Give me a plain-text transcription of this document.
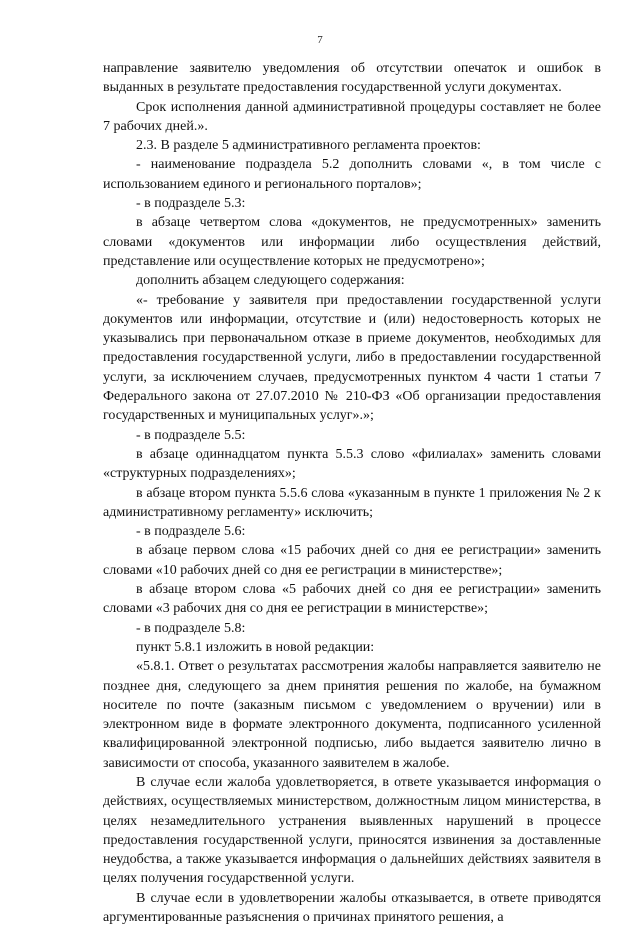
7

направление заявителю уведомления об отсутствии опечаток и ошибок в выданных в результате предоставления государственной услуги документах.

Срок исполнения данной административной процедуры составляет не более 7 рабочих дней.».

2.3. В разделе 5 административного регламента проектов:

- наименование подраздела 5.2 дополнить словами «, в том числе с использованием единого и регионального порталов»;

- в подразделе 5.3:

в абзаце четвертом слова «документов, не предусмотренных» заменить словами «документов или информации либо осуществления действий, представление или осуществление которых не предусмотрено»;

дополнить абзацем следующего содержания:

«- требование у заявителя при предоставлении государственной услуги документов или информации, отсутствие и (или) недостоверность которых не указывались при первоначальном отказе в приеме документов, необходимых для предоставления государственной услуги, либо в предоставлении государственной услуги, за исключением случаев, предусмотренных пунктом 4 части 1 статьи 7 Федерального закона от 27.07.2010 № 210-ФЗ «Об организации предоставления государственных и муниципальных услуг».»;

- в подразделе 5.5:

в абзаце одиннадцатом пункта 5.5.3 слово «филиалах» заменить словами «структурных подразделениях»;

в абзаце втором пункта 5.5.6 слова «указанным в пункте 1 приложения № 2 к административному регламенту» исключить;

- в подразделе 5.6:

в абзаце первом слова «15 рабочих дней со дня ее регистрации» заменить словами «10 рабочих дней со дня ее регистрации в министерстве»;

в абзаце втором слова «5 рабочих дней со дня ее регистрации» заменить словами «3 рабочих дня со дня ее регистрации в министерстве»;

- в подразделе 5.8:

пункт 5.8.1 изложить в новой редакции:

«5.8.1. Ответ о результатах рассмотрения жалобы направляется заявителю не позднее дня, следующего за днем принятия решения по жалобе, на бумажном носителе по почте (заказным письмом с уведомлением о вручении) или в электронном виде в формате электронного документа, подписанного усиленной квалифицированной электронной подписью, либо выдается заявителю лично в зависимости от способа, указанного заявителем в жалобе.

В случае если жалоба удовлетворяется, в ответе указывается информация о действиях, осуществляемых министерством, должностным лицом министерства, в целях незамедлительного устранения выявленных нарушений в процессе предоставления государственной услуги, приносятся извинения за доставленные неудобства, а также указывается информация о дальнейших действиях заявителя в целях получения государственной услуги.

В случае если в удовлетворении жалобы отказывается, в ответе приводятся аргументированные разъяснения о причинах принятого решения, а
